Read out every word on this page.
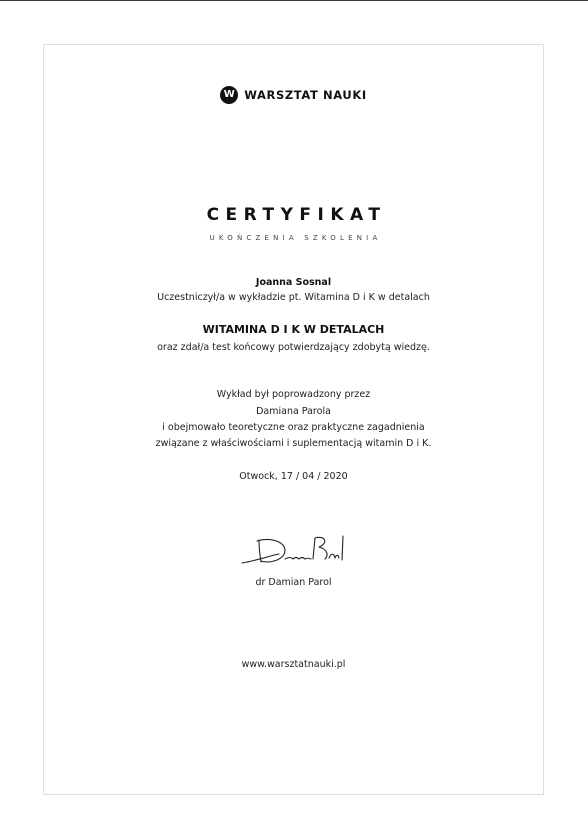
W WARSZTAT NAUKI
CERTYFIKAT
UKOŃCZENIA SZKOLENIA
Joanna Sosnal
Uczestniczył/a w wykładzie pt. Witamina D i K w detalach
WITAMINA D I K W DETALACH
oraz zdał/a test końcowy potwierdzający zdobytą wiedzę.
Wykład był poprowadzony przez
Damiana Parola
i obejmowało teoretyczne oraz praktyczne zagadnienia
związane z właściwościami i suplementacją witamin D i K.
Otwock, 17 / 04 / 2020
dr Damian Parol
www.warsztatnauki.pl
